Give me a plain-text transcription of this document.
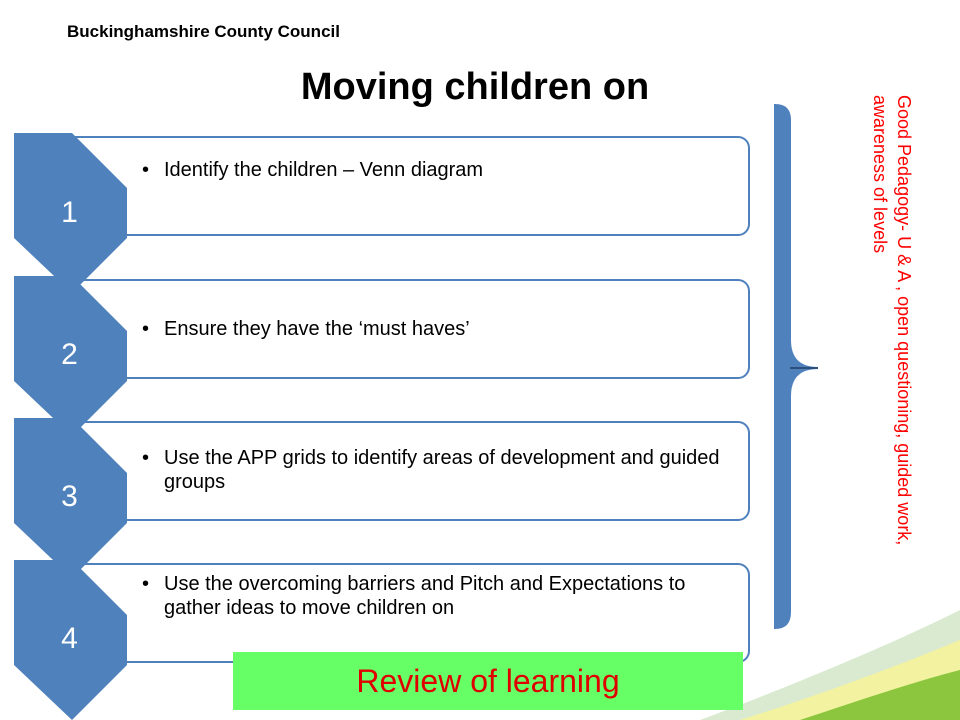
Buckinghamshire County Council
Moving children on
1
2
3
4
• Identify the children – Venn diagram
• Ensure they have the ‘must haves’
• Use the APP grids to identify areas of development and guided groups
• Use the overcoming barriers and Pitch and Expectations to gather ideas to move children on
Good Pedagogy- U & A , open questioning, guided work, awareness of levels
Review of learning
